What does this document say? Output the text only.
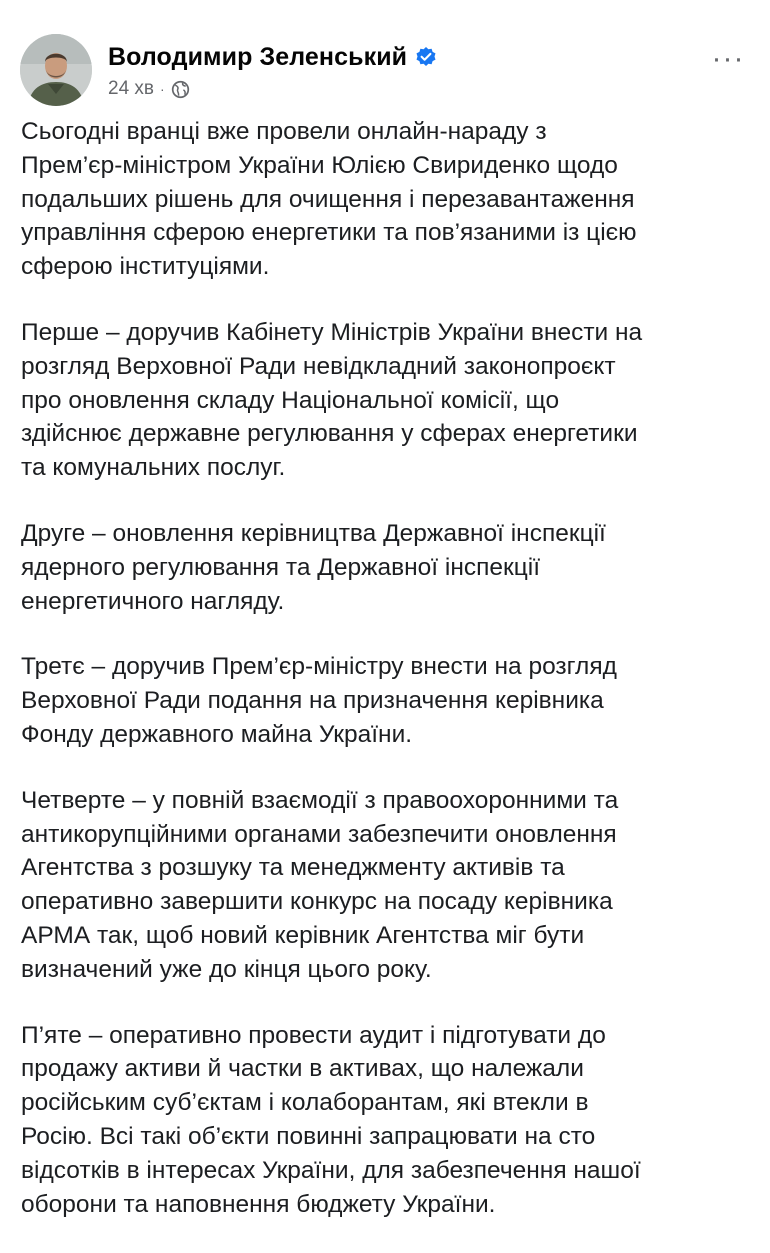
Володимир Зеленський
24 хв ·
···

Сьогодні вранці вже провели онлайн-нараду з
Прем’єр-міністром України Юлією Свириденко щодо
подальших рішень для очищення і перезавантаження
управління сферою енергетики та пов’язаними із цією
сферою інституціями.

Перше – доручив Кабінету Міністрів України внести на
розгляд Верховної Ради невідкладний законопроєкт
про оновлення складу Національної комісії, що
здійснює державне регулювання у сферах енергетики
та комунальних послуг.

Друге – оновлення керівництва Державної інспекції
ядерного регулювання та Державної інспекції
енергетичного нагляду.

Третє – доручив Прем’єр-міністру внести на розгляд
Верховної Ради подання на призначення керівника
Фонду державного майна України.

Четверте – у повній взаємодії з правоохоронними та
антикорупційними органами забезпечити оновлення
Агентства з розшуку та менеджменту активів та
оперативно завершити конкурс на посаду керівника
АРМА так, щоб новий керівник Агентства міг бути
визначений уже до кінця цього року.

П’яте – оперативно провести аудит і підготувати до
продажу активи й частки в активах, що належали
російським суб’єктам і колаборантам, які втекли в
Росію. Всі такі об’єкти повинні запрацювати на сто
відсотків в інтересах України, для забезпечення нашої
оборони та наповнення бюджету України.
